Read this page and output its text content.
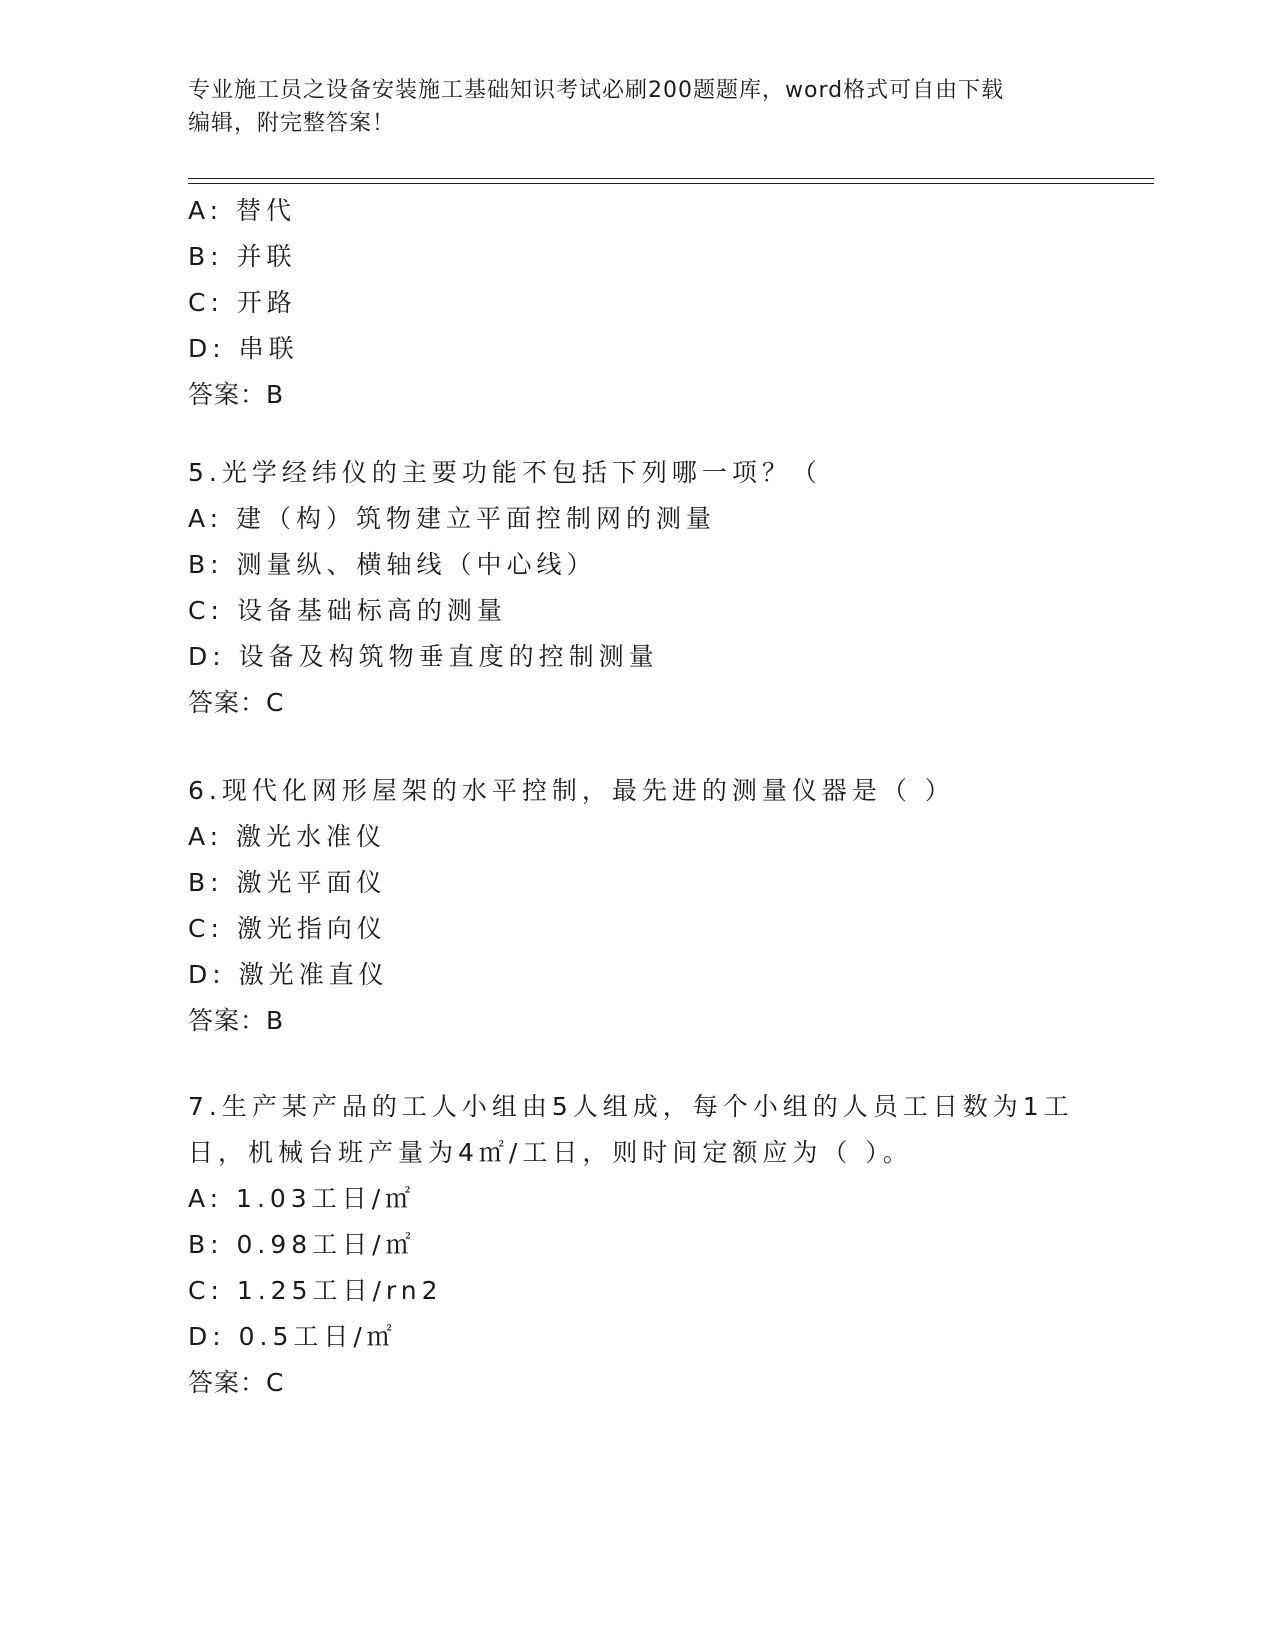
专业施工员之设备安装施工基础知识考试必刷200题题库，word格式可自由下载
编辑，附完整答案！
A: 替代
B: 并联
C: 开路
D: 串联
答案：B
5.光学经纬仪的主要功能不包括下列哪一项？（
A: 建（构）筑物建立平面控制网的测量
B: 测量纵、横轴线（中心线）
C: 设备基础标高的测量
D: 设备及构筑物垂直度的控制测量
答案：C
6.现代化网形屋架的水平控制，最先进的测量仪器是（ ）
A: 激光水准仪
B: 激光平面仪
C: 激光指向仪
D: 激光准直仪
答案：B
7.生产某产品的工人小组由5人组成，每个小组的人员工日数为1工
日，机械台班产量为4㎡/工日，则时间定额应为（ ）。
A: 1.03工日/㎡
B: 0.98工日/㎡
C: 1.25工日/rn2
D: 0.5工日/㎡
答案：C
